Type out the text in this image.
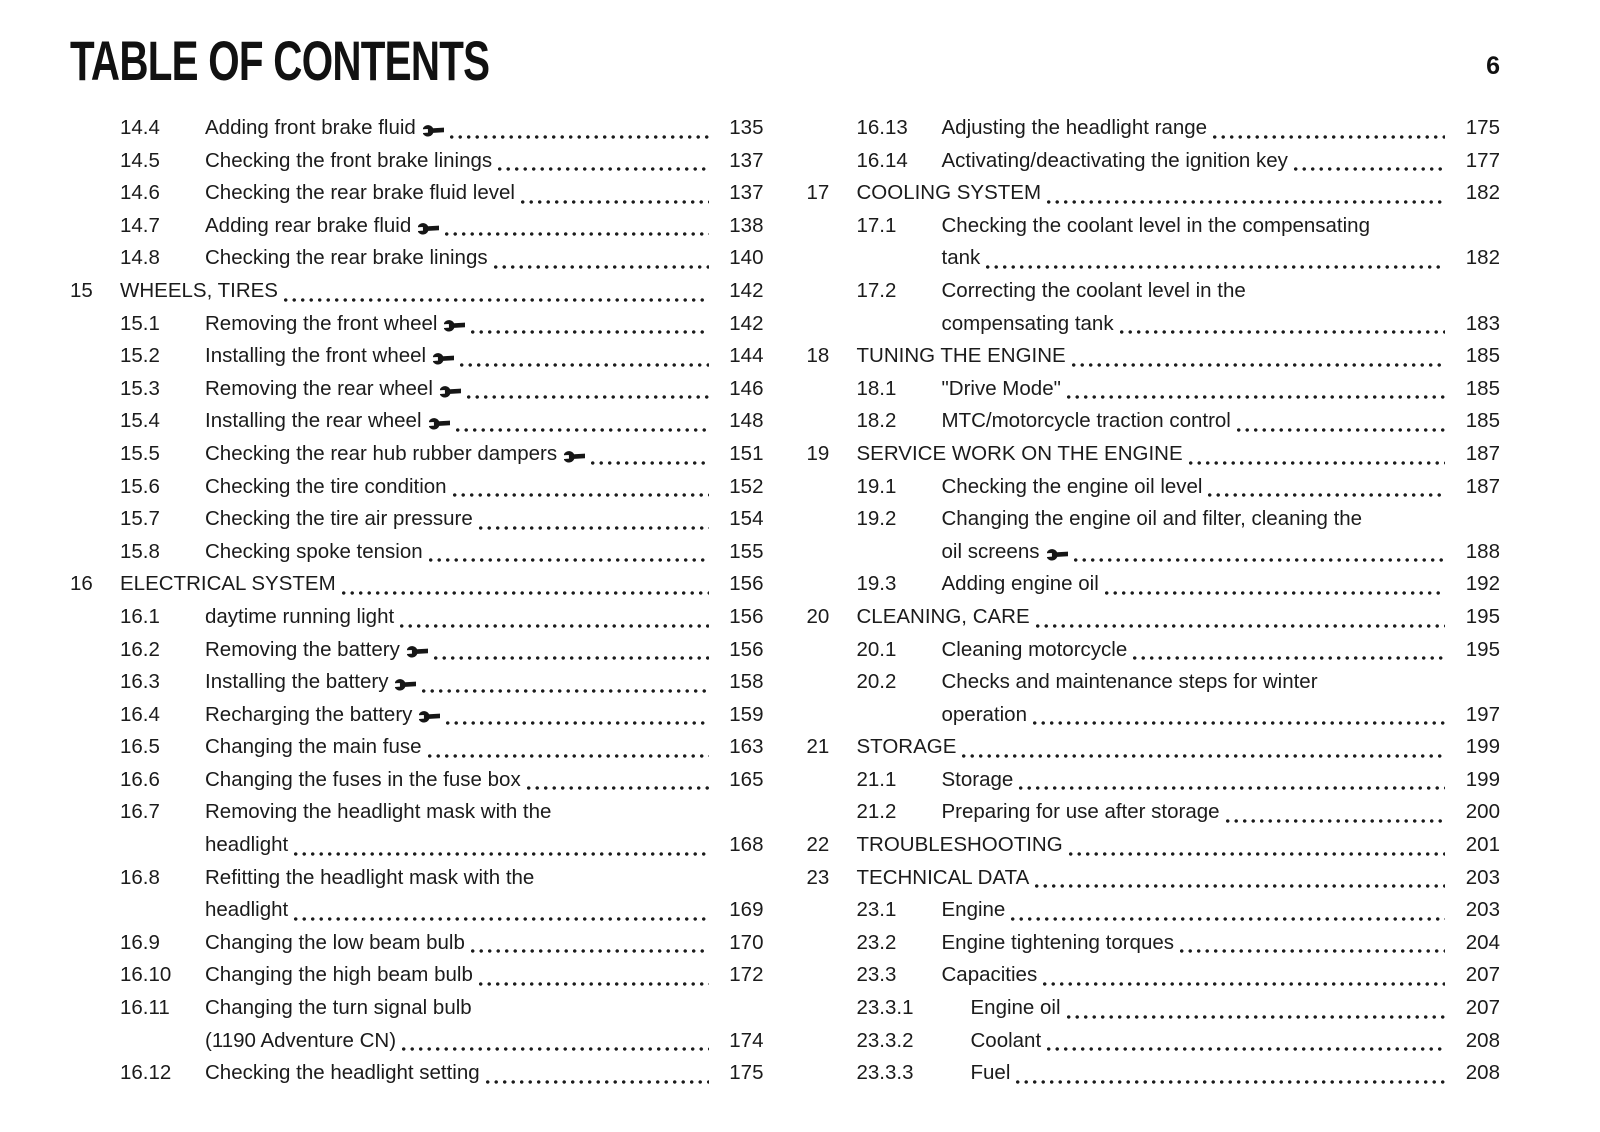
TABLE OF CONTENTS	6
14.4	Adding front brake fluid	135
14.5	Checking the front brake linings	137
14.6	Checking the rear brake fluid level	137
14.7	Adding rear brake fluid	138
14.8	Checking the rear brake linings	140
15	WHEELS, TIRES	142
15.1	Removing the front wheel	142
15.2	Installing the front wheel	144
15.3	Removing the rear wheel	146
15.4	Installing the rear wheel	148
15.5	Checking the rear hub rubber dampers	151
15.6	Checking the tire condition	152
15.7	Checking the tire air pressure	154
15.8	Checking spoke tension	155
16	ELECTRICAL SYSTEM	156
16.1	daytime running light	156
16.2	Removing the battery	156
16.3	Installing the battery	158
16.4	Recharging the battery	159
16.5	Changing the main fuse	163
16.6	Changing the fuses in the fuse box	165
16.7	Removing the headlight mask with the
headlight	168
16.8	Refitting the headlight mask with the
headlight	169
16.9	Changing the low beam bulb	170
16.10	Changing the high beam bulb	172
16.11	Changing the turn signal bulb
(1190 Adventure CN)	174
16.12	Checking the headlight setting	175
16.13	Adjusting the headlight range	175
16.14	Activating/deactivating the ignition key	177
17	COOLING SYSTEM	182
17.1	Checking the coolant level in the compensating
tank	182
17.2	Correcting the coolant level in the
compensating tank	183
18	TUNING THE ENGINE	185
18.1	"Drive Mode"	185
18.2	MTC/motorcycle traction control	185
19	SERVICE WORK ON THE ENGINE	187
19.1	Checking the engine oil level	187
19.2	Changing the engine oil and filter, cleaning the
oil screens	188
19.3	Adding engine oil	192
20	CLEANING, CARE	195
20.1	Cleaning motorcycle	195
20.2	Checks and maintenance steps for winter
operation	197
21	STORAGE	199
21.1	Storage	199
21.2	Preparing for use after storage	200
22	TROUBLESHOOTING	201
23	TECHNICAL DATA	203
23.1	Engine	203
23.2	Engine tightening torques	204
23.3	Capacities	207
23.3.1	Engine oil	207
23.3.2	Coolant	208
23.3.3	Fuel	208
